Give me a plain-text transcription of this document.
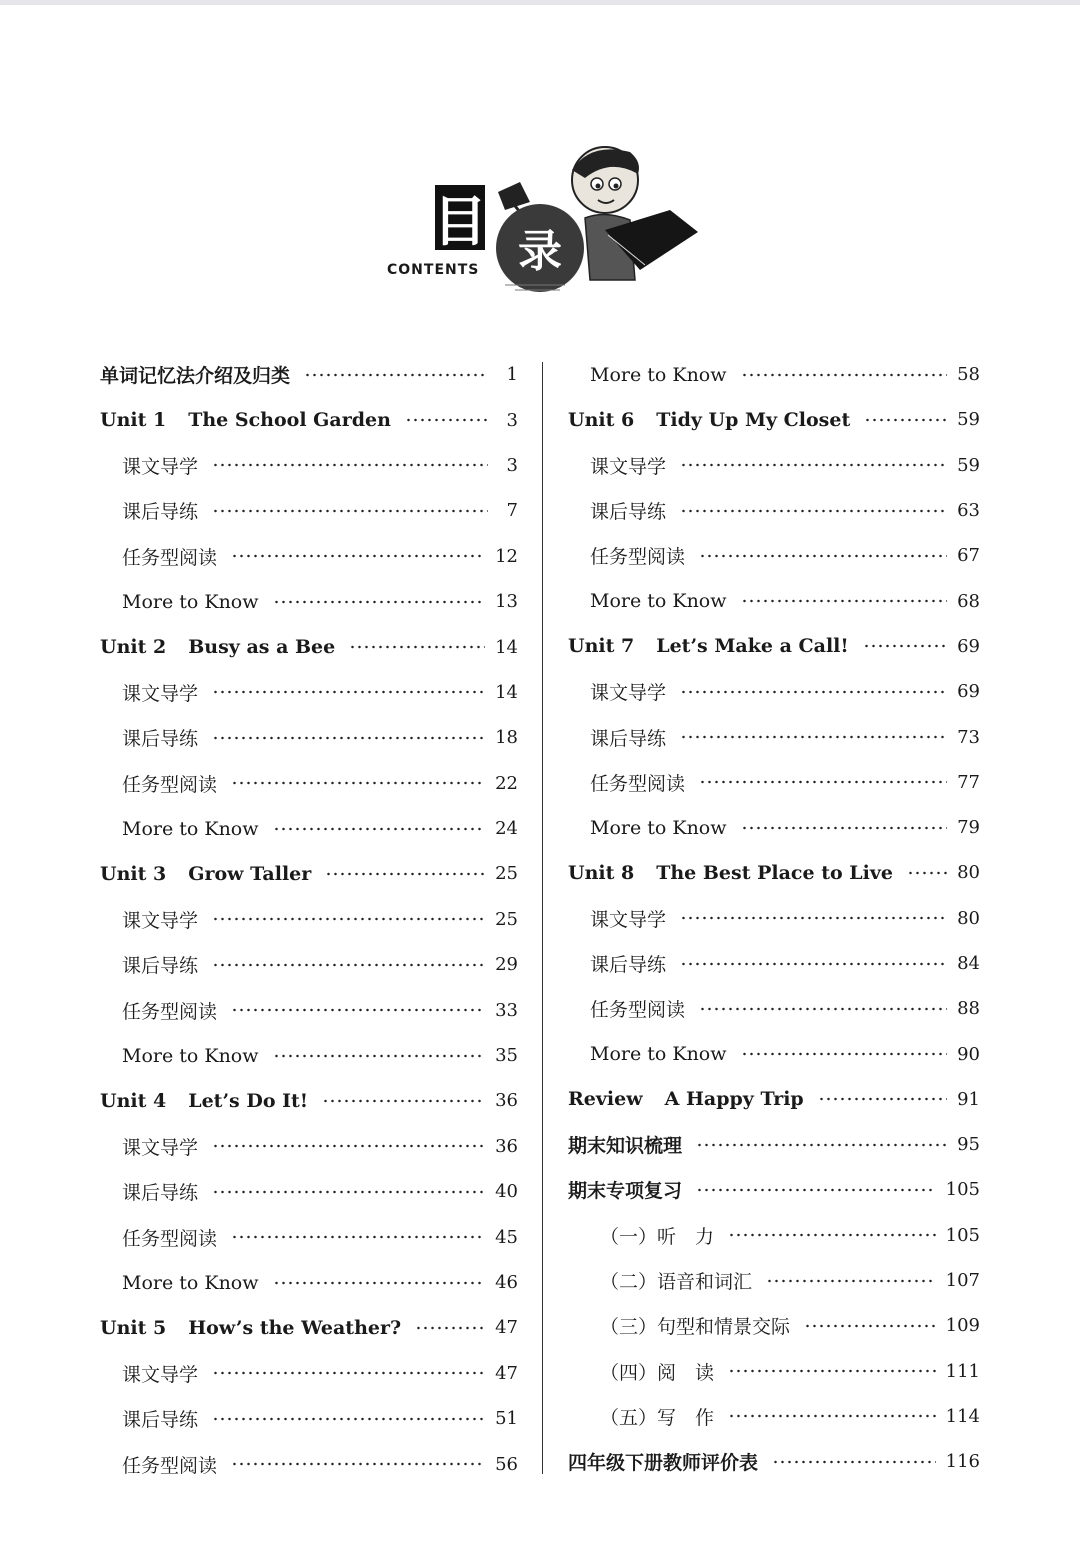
目 录
CONTENTS
单词记忆法介绍及归类	1
Unit 1 The School Garden	3
课文导学	3
课后导练	7
任务型阅读	12
More to Know	13
Unit 2 Busy as a Bee	14
课文导学	14
课后导练	18
任务型阅读	22
More to Know	24
Unit 3 Grow Taller	25
课文导学	25
课后导练	29
任务型阅读	33
More to Know	35
Unit 4 Let’s Do It!	36
课文导学	36
课后导练	40
任务型阅读	45
More to Know	46
Unit 5 How’s the Weather?	47
课文导学	47
课后导练	51
任务型阅读	56
More to Know	58
Unit 6 Tidy Up My Closet	59
课文导学	59
课后导练	63
任务型阅读	67
More to Know	68
Unit 7 Let’s Make a Call!	69
课文导学	69
课后导练	73
任务型阅读	77
More to Know	79
Unit 8 The Best Place to Live	80
课文导学	80
课后导练	84
任务型阅读	88
More to Know	90
Review A Happy Trip	91
期末知识梳理	95
期末专项复习	105
（一）听　力	105
（二）语音和词汇	107
（三）句型和情景交际	109
（四）阅　读	111
（五）写　作	114
四年级下册教师评价表	116
